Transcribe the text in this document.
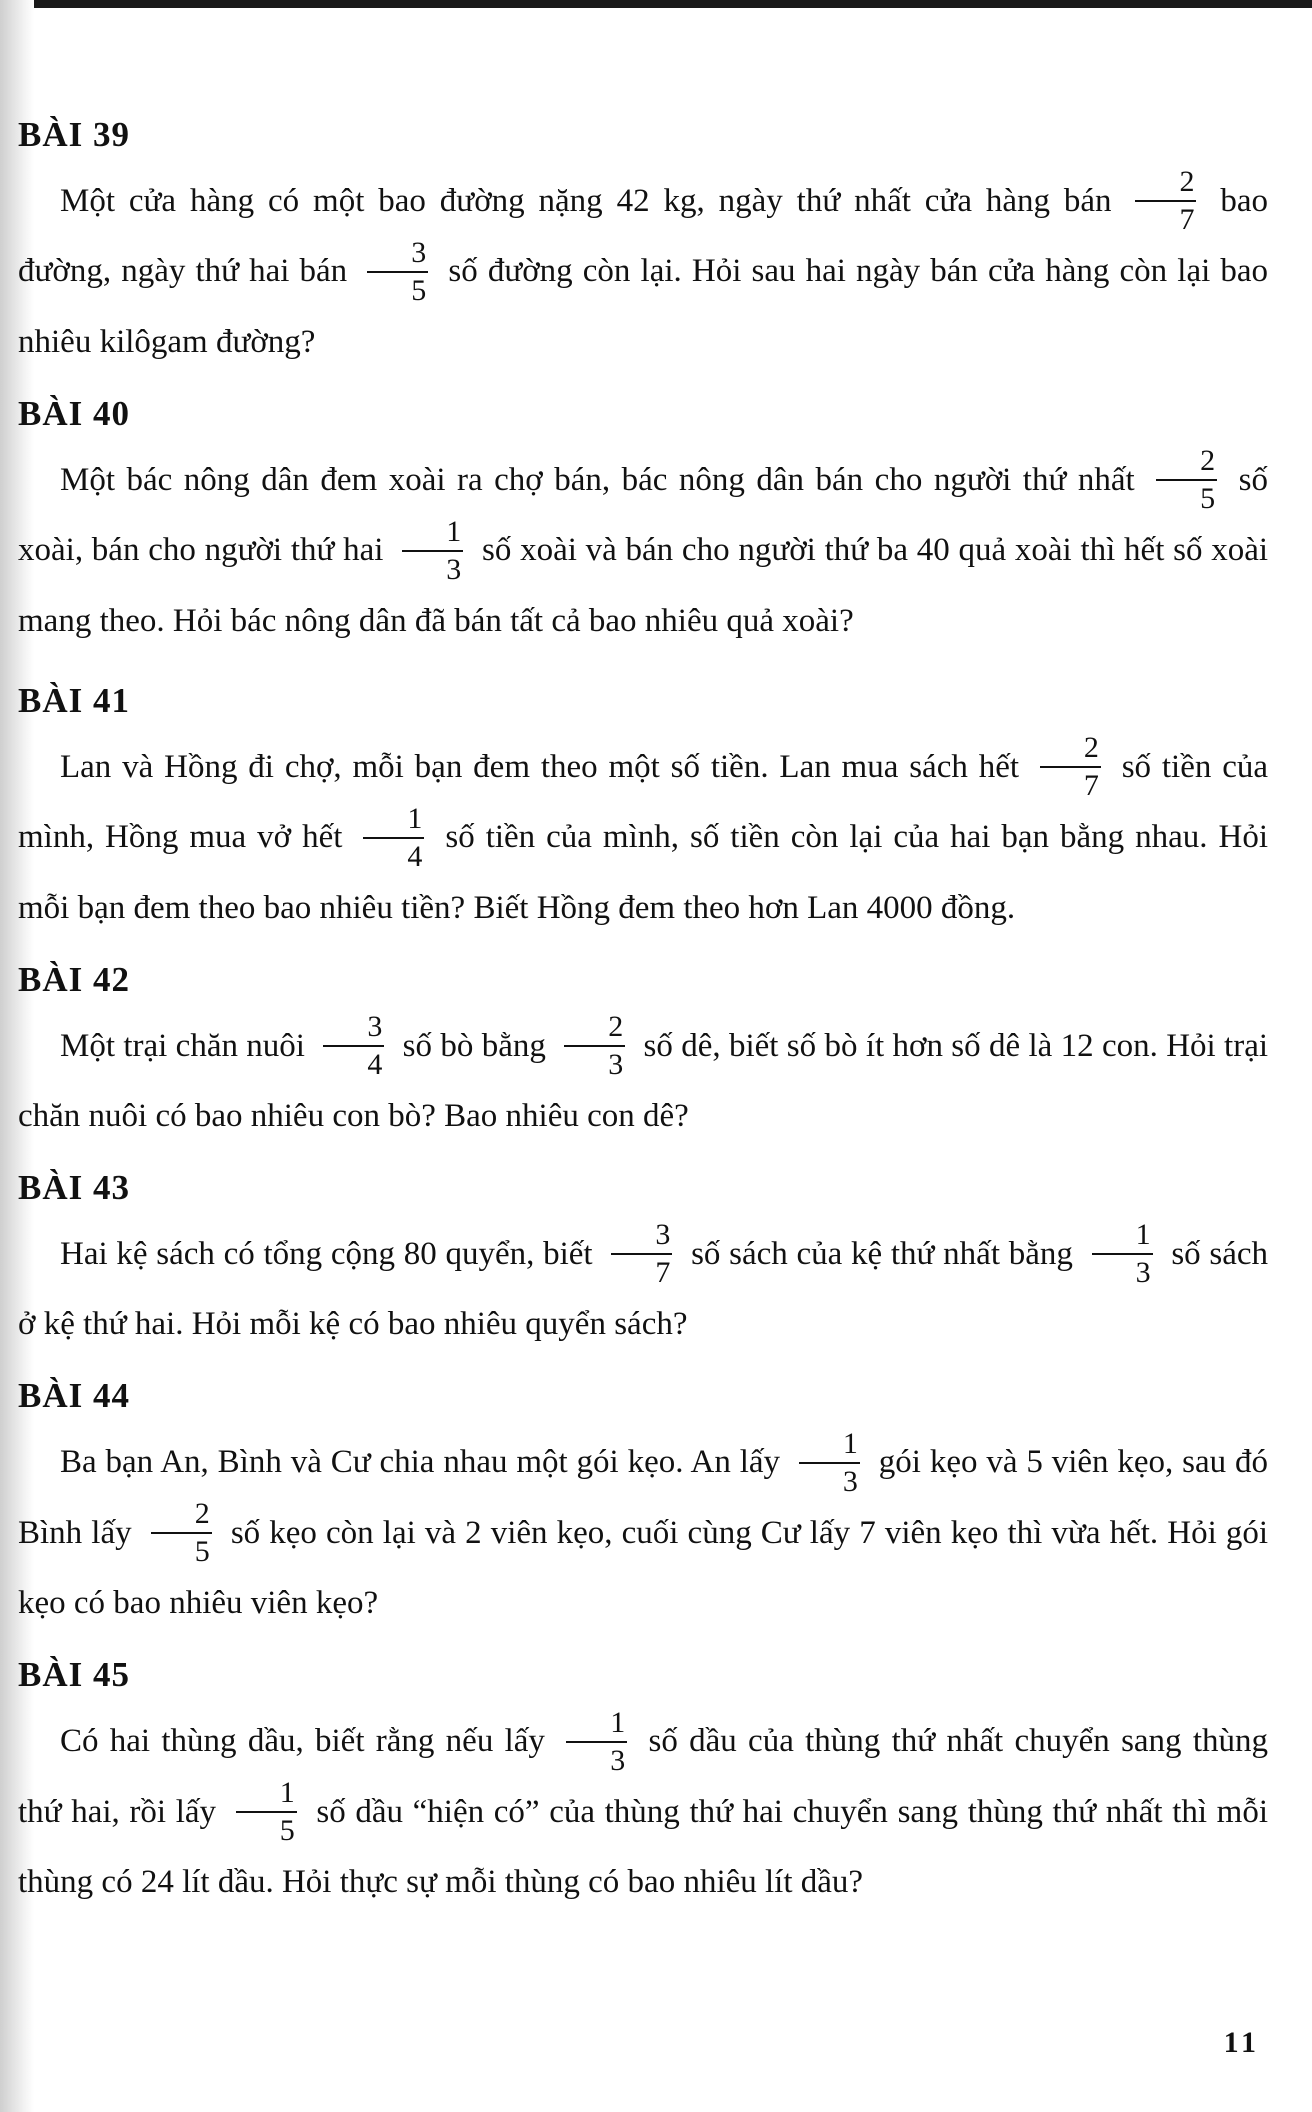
BÀI 39

Một cửa hàng có một bao đường nặng 42 kg, ngày thứ nhất cửa hàng bán $\frac{2}{7}$ bao đường, ngày thứ hai bán $\frac{3}{5}$ số đường còn lại. Hỏi sau hai ngày bán cửa hàng còn lại bao nhiêu kilôgam đường?

BÀI 40

Một bác nông dân đem xoài ra chợ bán, bác nông dân bán cho người thứ nhất $\frac{2}{5}$ số xoài, bán cho người thứ hai $\frac{1}{3}$ số xoài và bán cho người thứ ba 40 quả xoài thì hết số xoài mang theo. Hỏi bác nông dân đã bán tất cả bao nhiêu quả xoài?

BÀI 41

Lan và Hồng đi chợ, mỗi bạn đem theo một số tiền. Lan mua sách hết $\frac{2}{7}$ số tiền của mình, Hồng mua vở hết $\frac{1}{4}$ số tiền của mình, số tiền còn lại của hai bạn bằng nhau. Hỏi mỗi bạn đem theo bao nhiêu tiền? Biết Hồng đem theo hơn Lan 4000 đồng.

BÀI 42

Một trại chăn nuôi $\frac{3}{4}$ số bò bằng $\frac{2}{3}$ số dê, biết số bò ít hơn số dê là 12 con. Hỏi trại chăn nuôi có bao nhiêu con bò? Bao nhiêu con dê?

BÀI 43

Hai kệ sách có tổng cộng 80 quyển, biết $\frac{3}{7}$ số sách của kệ thứ nhất bằng $\frac{1}{3}$ số sách ở kệ thứ hai. Hỏi mỗi kệ có bao nhiêu quyển sách?

BÀI 44

Ba bạn An, Bình và Cư chia nhau một gói kẹo. An lấy $\frac{1}{3}$ gói kẹo và 5 viên kẹo, sau đó Bình lấy $\frac{2}{5}$ số kẹo còn lại và 2 viên kẹo, cuối cùng Cư lấy 7 viên kẹo thì vừa hết. Hỏi gói kẹo có bao nhiêu viên kẹo?

BÀI 45

Có hai thùng dầu, biết rằng nếu lấy $\frac{1}{3}$ số dầu của thùng thứ nhất chuyển sang thùng thứ hai, rồi lấy $\frac{1}{5}$ số dầu “hiện có” của thùng thứ hai chuyển sang thùng thứ nhất thì mỗi thùng có 24 lít dầu. Hỏi thực sự mỗi thùng có bao nhiêu lít dầu?

11
